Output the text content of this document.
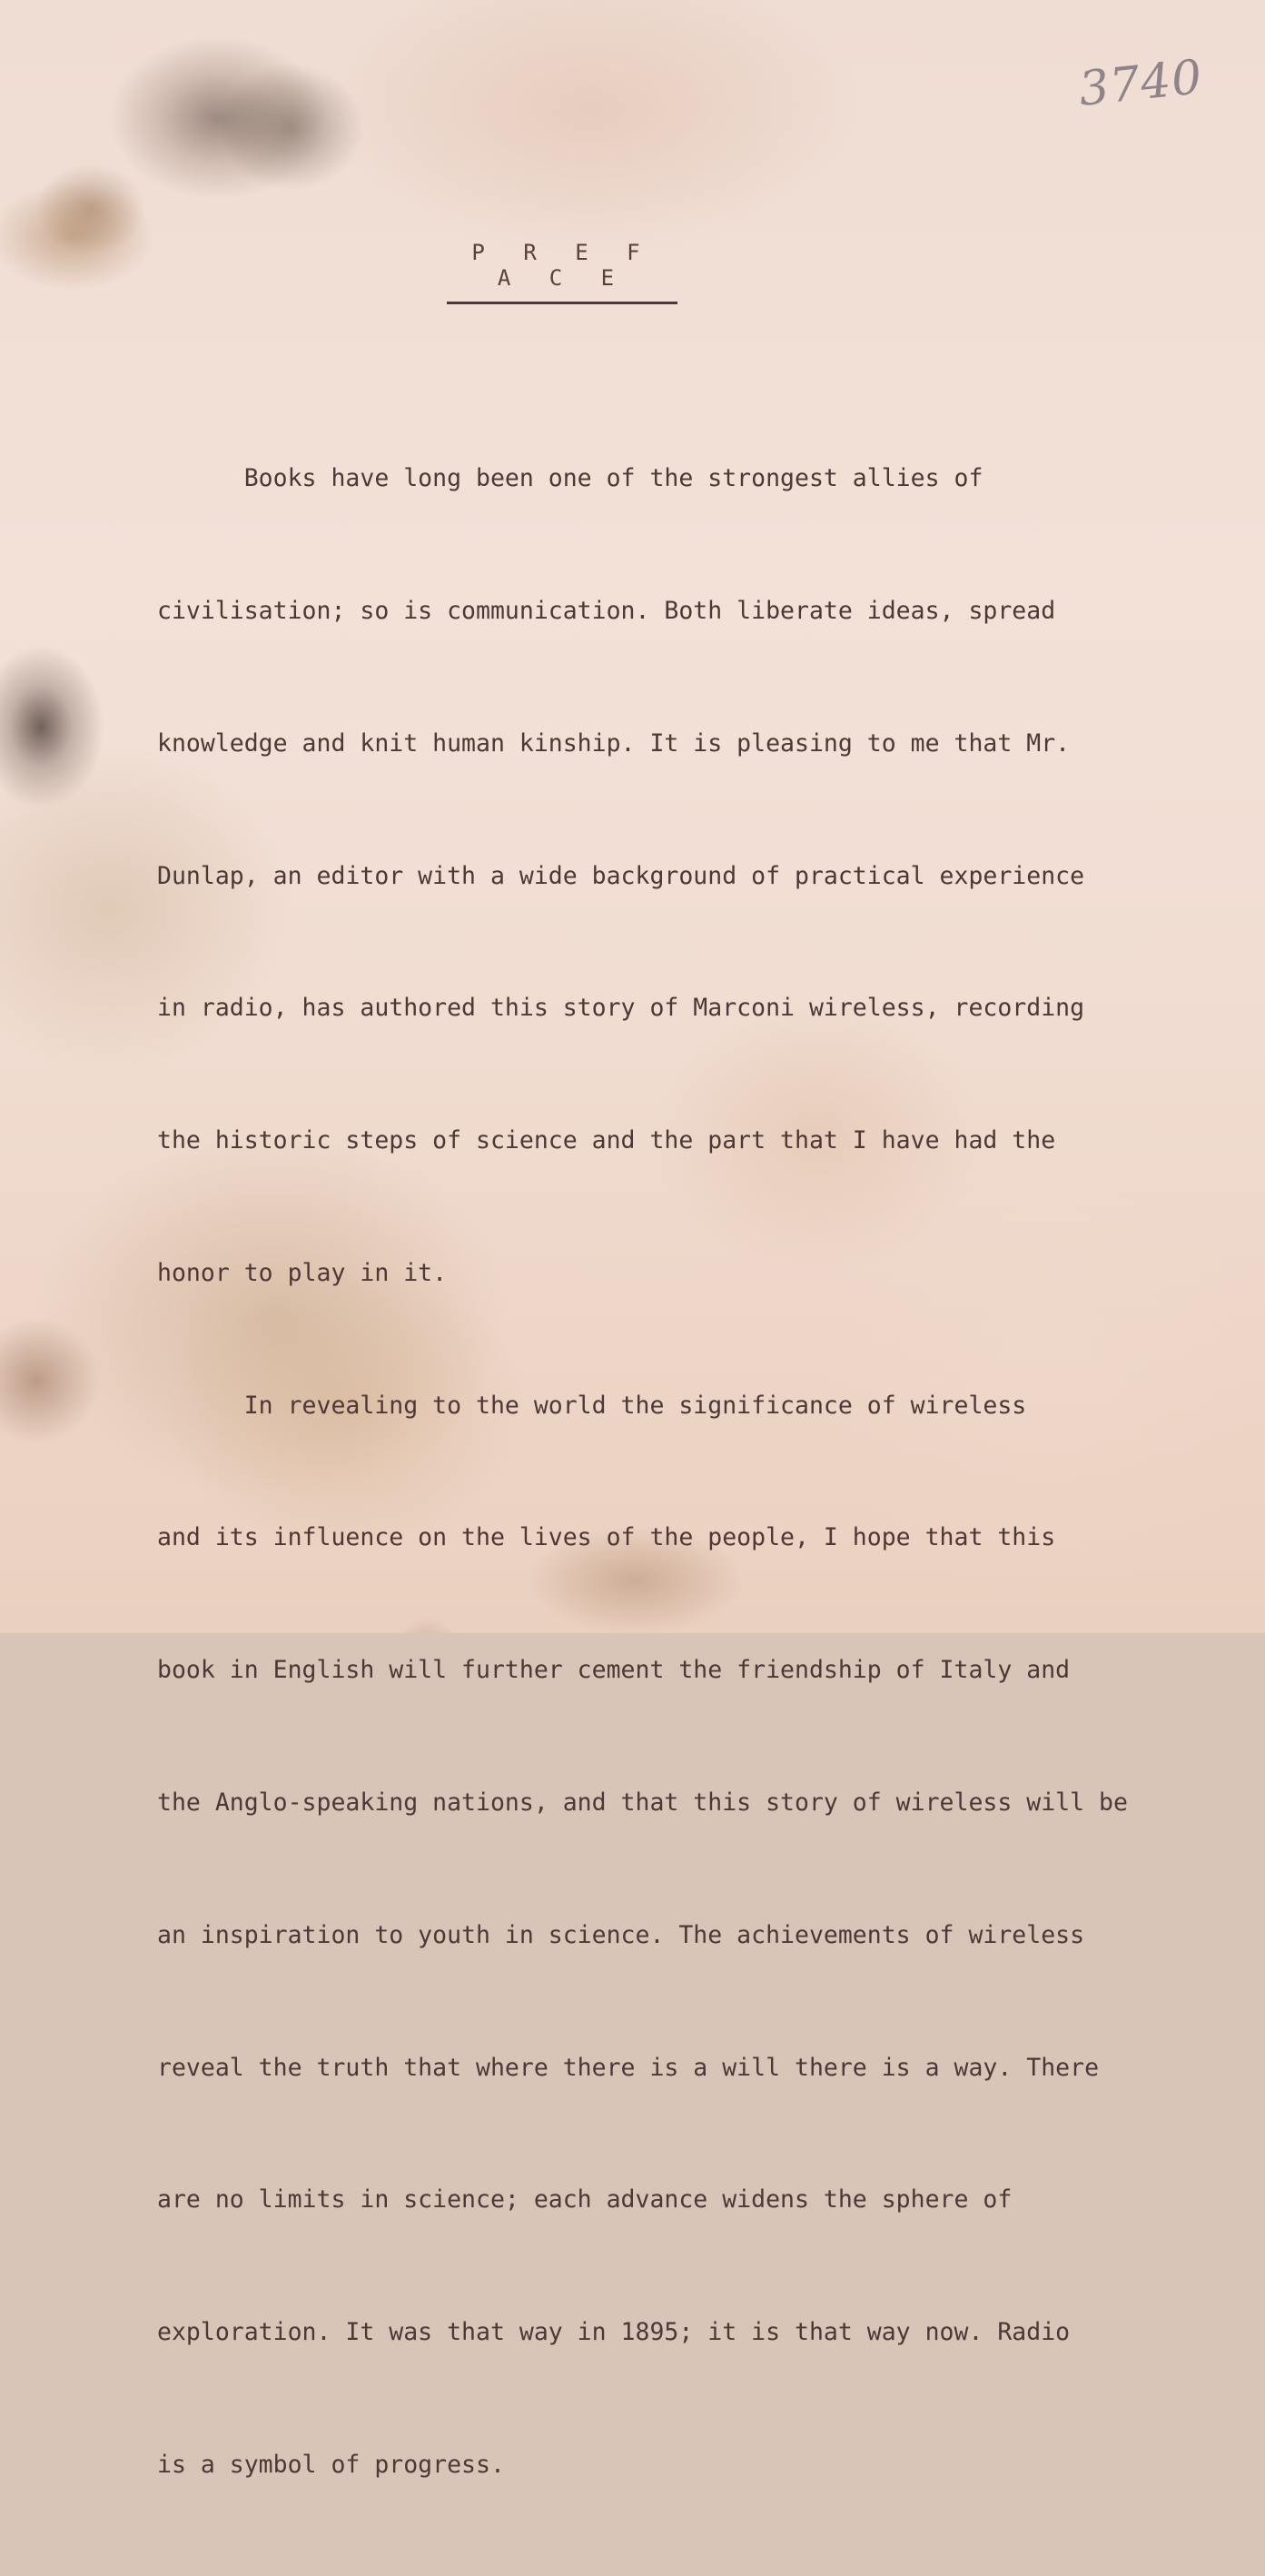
3740
P R E F A C E

Books have long been one of the strongest allies of

civilisation; so is communication. Both liberate ideas, spread

knowledge and knit human kinship. It is pleasing to me that Mr.

Dunlap, an editor with a wide background of practical experience

in radio, has authored this story of Marconi wireless, recording

the historic steps of science and the part that I have had the

honor to play in it.

In revealing to the world the significance of wireless

and its influence on the lives of the people, I hope that this

book in English will further cement the friendship of Italy and

the Anglo-speaking nations, and that this story of wireless will be

an inspiration to youth in science. The achievements of wireless

reveal the truth that where there is a will there is a way. There

are no limits in science; each advance widens the sphere of

exploration. It was that way in 1895; it is that way now. Radio

is a symbol of progress.
